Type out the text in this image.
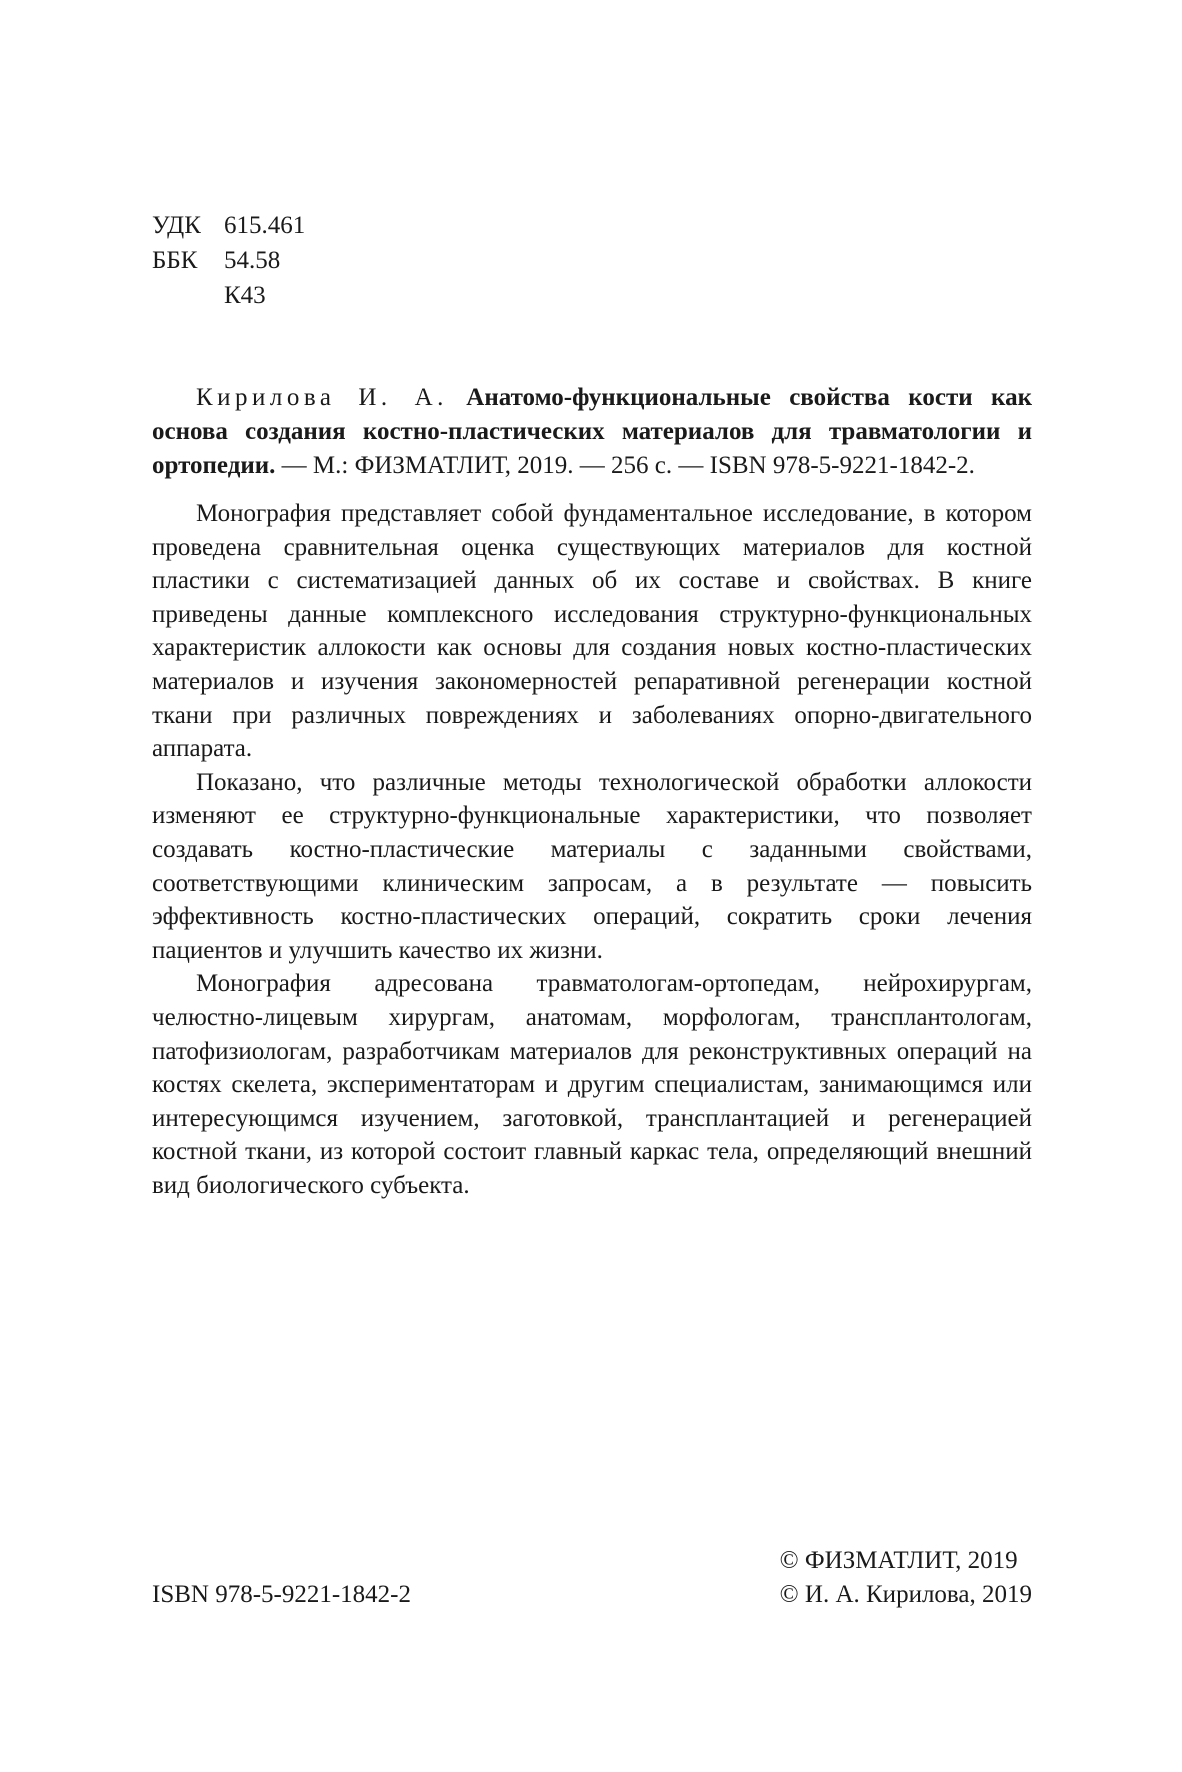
УДК 615.461
ББК	54.58
К43

Кирилова И. А. Анатомо-функциональные свойства кости как основа создания костно-пластических материалов для травматологии и ортопедии. — М.: ФИЗМАТЛИТ, 2019. — 256 с. — ISBN 978-5-9221-1842-2.

Монография представляет собой фундаментальное исследование, в котором проведена сравнительная оценка существующих материалов для костной пластики с систематизацией данных об их составе и свойствах. В книге приведены данные комплексного исследования структурно-функциональных характеристик аллокости как основы для создания новых костно-пластических материалов и изучения закономерностей репаративной регенерации костной ткани при различных повреждениях и заболеваниях опорно-двигательного аппарата.

Показано, что различные методы технологической обработки аллокости изменяют ее структурно-функциональные характеристики, что позволяет создавать костно-пластические материалы с заданными свойствами, соответствующими клиническим запросам, а в результате — повысить эффективность костно-пластических операций, сократить сроки лечения пациентов и улучшить качество их жизни.

Монография адресована травматологам-ортопедам, нейрохирургам, челюстно-лицевым хирургам, анатомам, морфологам, трансплантологам, патофизиологам, разработчикам материалов для реконструктивных операций на костях скелета, экспериментаторам и другим специалистам, занимающимся или интересующимся изучением, заготовкой, трансплантацией и регенерацией костной ткани, из которой состоит главный каркас тела, определяющий внешний вид биологического субъекта.

ISBN 978-5-9221-1842-2
© ФИЗМАТЛИТ, 2019
© И. А. Кирилова, 2019
